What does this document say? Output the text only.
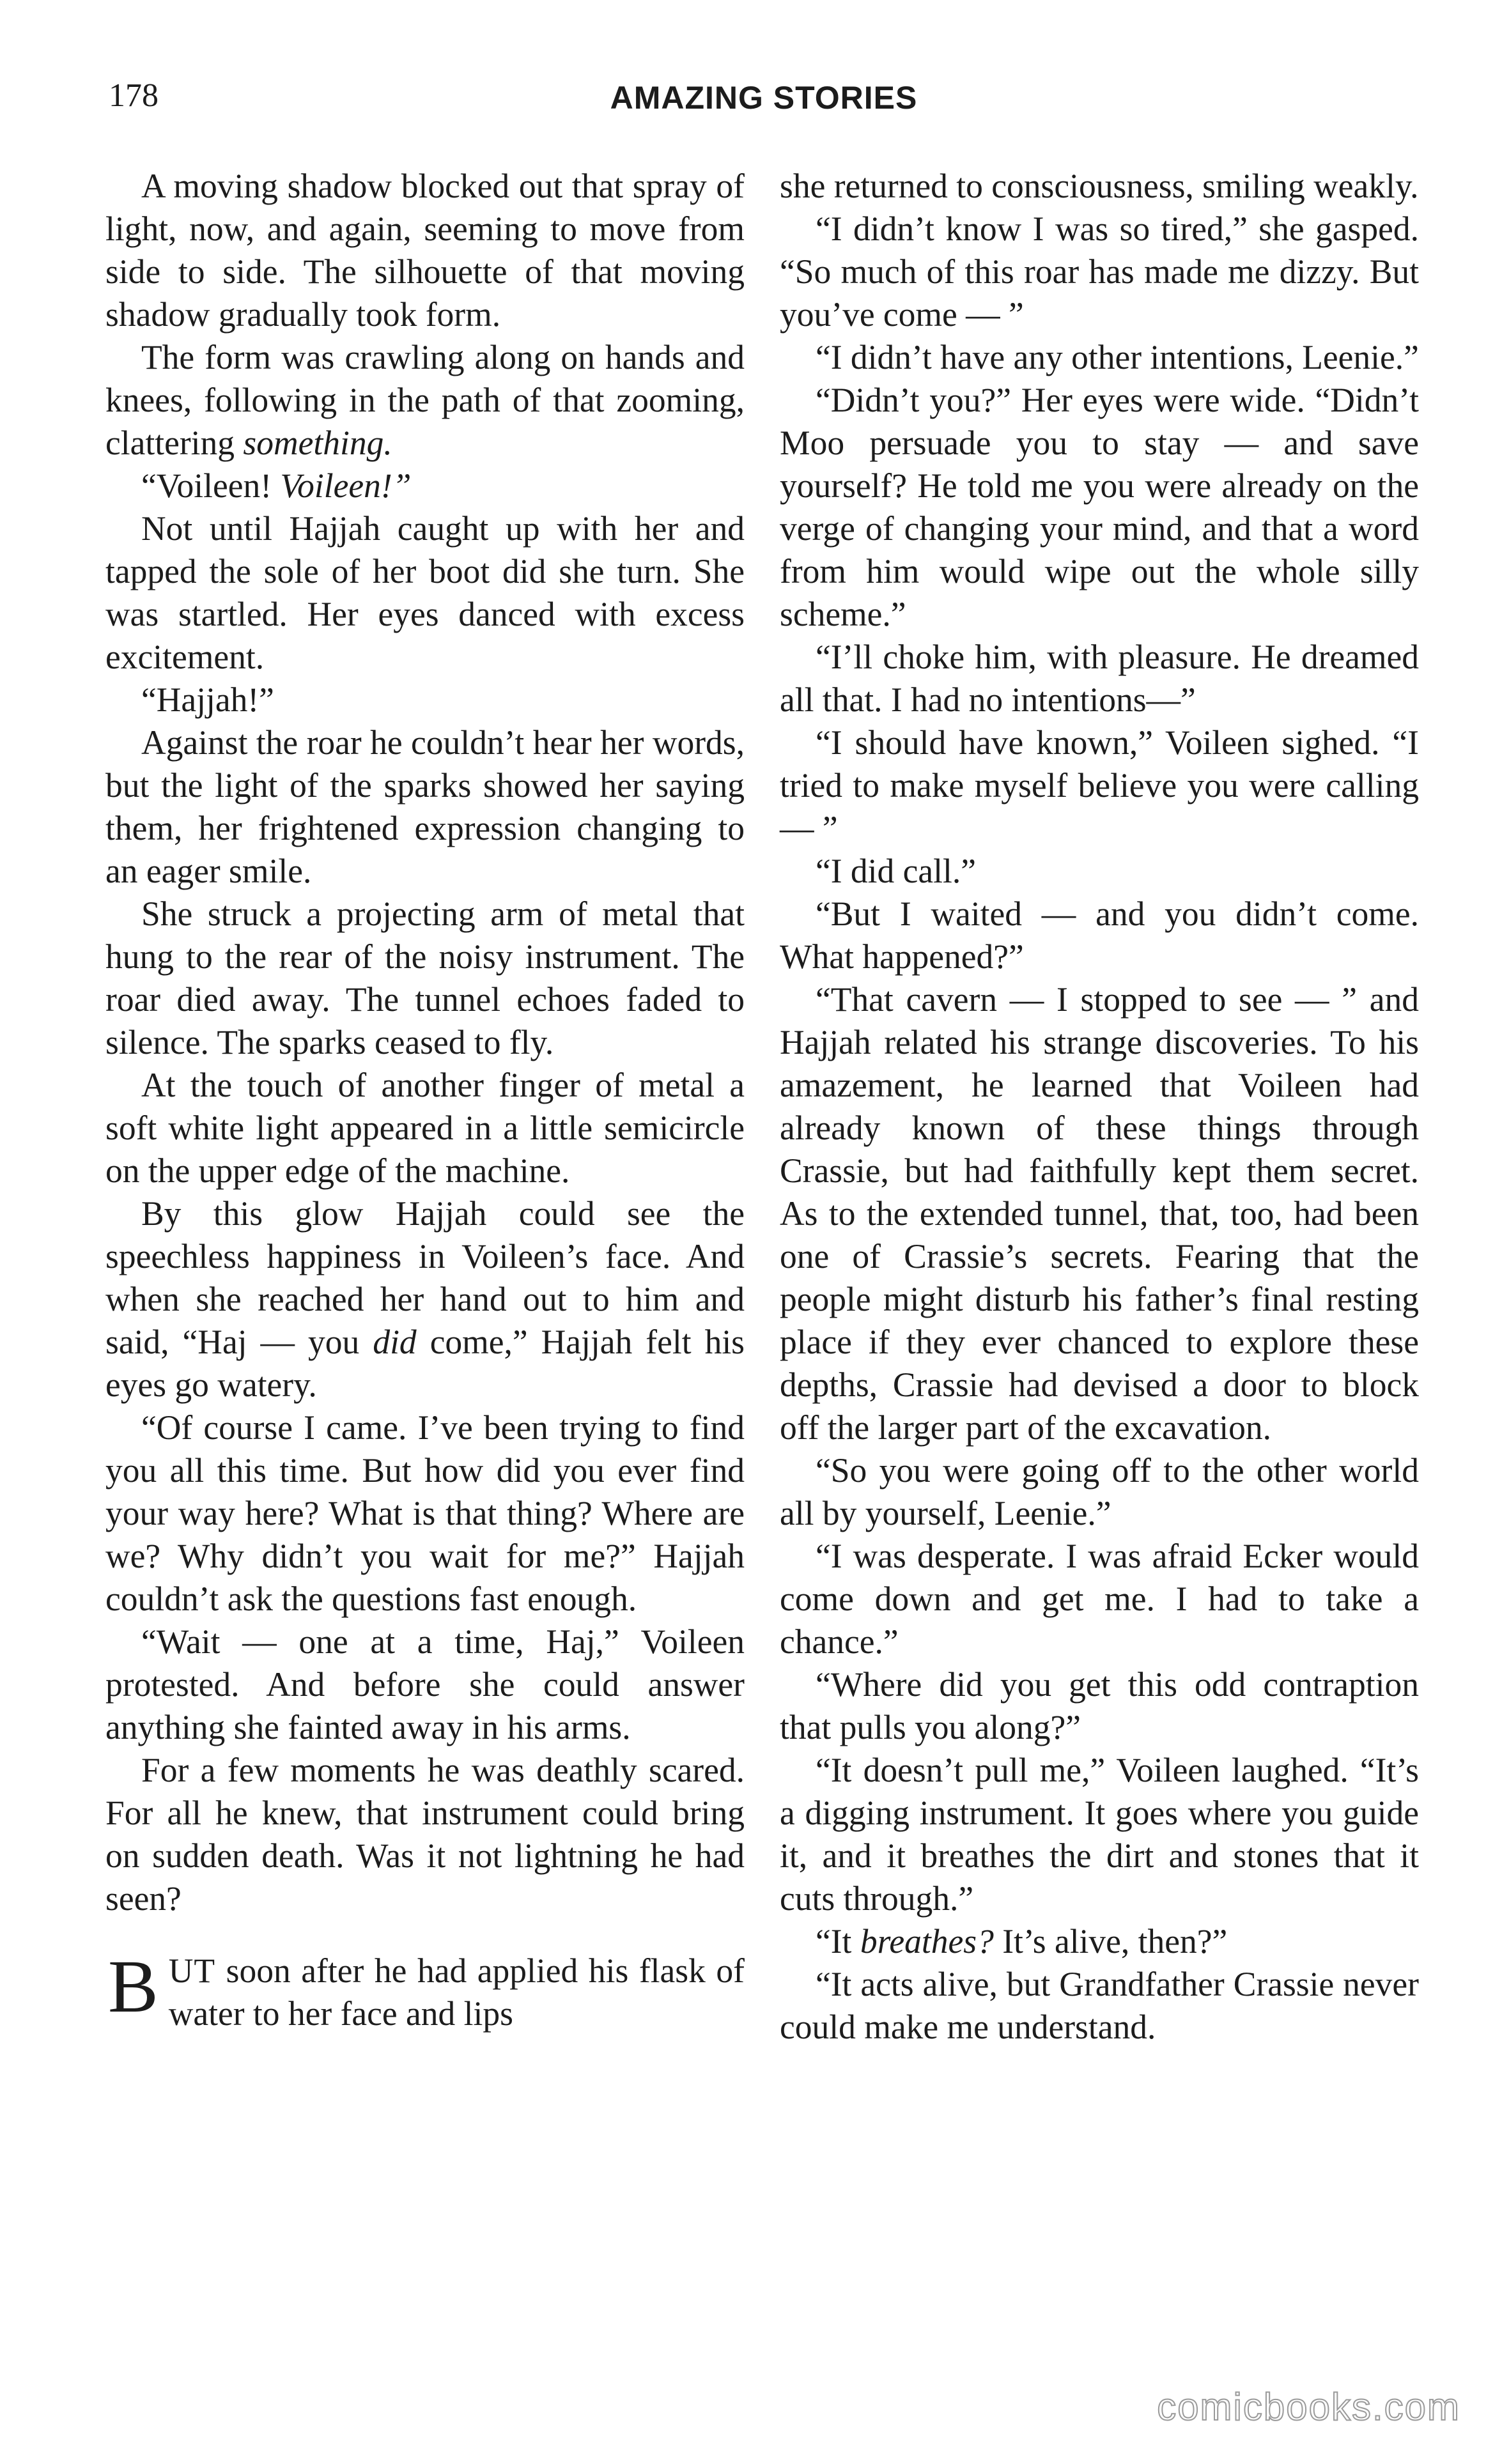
178	AMAZING STORIES

A moving shadow blocked out that spray of light, now, and again, seeming to move from side to side. The silhouette of that moving shadow gradually took form.

The form was crawling along on hands and knees, following in the path of that zooming, clattering something.

“Voileen! Voileen!”

Not until Hajjah caught up with her and tapped the sole of her boot did she turn. She was startled. Her eyes danced with excess excitement.

“Hajjah!”

Against the roar he couldn’t hear her words, but the light of the sparks showed her saying them, her frightened expression changing to an eager smile.

She struck a projecting arm of metal that hung to the rear of the noisy instrument. The roar died away. The tunnel echoes faded to silence. The sparks ceased to fly.

At the touch of another finger of metal a soft white light appeared in a little semicircle on the upper edge of the machine.

By this glow Hajjah could see the speechless happiness in Voileen’s face. And when she reached her hand out to him and said, “Haj — you did come,” Hajjah felt his eyes go watery.

“Of course I came. I’ve been trying to find you all this time. But how did you ever find your way here? What is that thing? Where are we? Why didn’t you wait for me?” Hajjah couldn’t ask the questions fast enough.

“Wait — one at a time, Haj,” Voileen protested. And before she could answer anything she fainted away in his arms.

For a few moments he was deathly scared. For all he knew, that instrument could bring on sudden death. Was it not lightning he had seen?

BUT soon after he had applied his flask of water to her face and lips

she returned to consciousness, smiling weakly.

“I didn’t know I was so tired,” she gasped. “So much of this roar has made me dizzy. But you’ve come — ”

“I didn’t have any other intentions, Leenie.”

“Didn’t you?” Her eyes were wide. “Didn’t Moo persuade you to stay — and save yourself? He told me you were already on the verge of changing your mind, and that a word from him would wipe out the whole silly scheme.”

“I’ll choke him, with pleasure. He dreamed all that. I had no intentions—”

“I should have known,” Voileen sighed. “I tried to make myself believe you were calling — ”

“I did call.”

“But I waited — and you didn’t come. What happened?”

“That cavern — I stopped to see — ” and Hajjah related his strange discoveries. To his amazement, he learned that Voileen had already known of these things through Crassie, but had faithfully kept them secret. As to the extended tunnel, that, too, had been one of Crassie’s secrets. Fearing that the people might disturb his father’s final resting place if they ever chanced to explore these depths, Crassie had devised a door to block off the larger part of the excavation.

“So you were going off to the other world all by yourself, Leenie.”

“I was desperate. I was afraid Ecker would come down and get me. I had to take a chance.”

“Where did you get this odd contraption that pulls you along?”

“It doesn’t pull me,” Voileen laughed. “It’s a digging instrument. It goes where you guide it, and it breathes the dirt and stones that it cuts through.”

“It breathes? It’s alive, then?”

“It acts alive, but Grandfather Crassie never could make me understand.

comicbooks.com
